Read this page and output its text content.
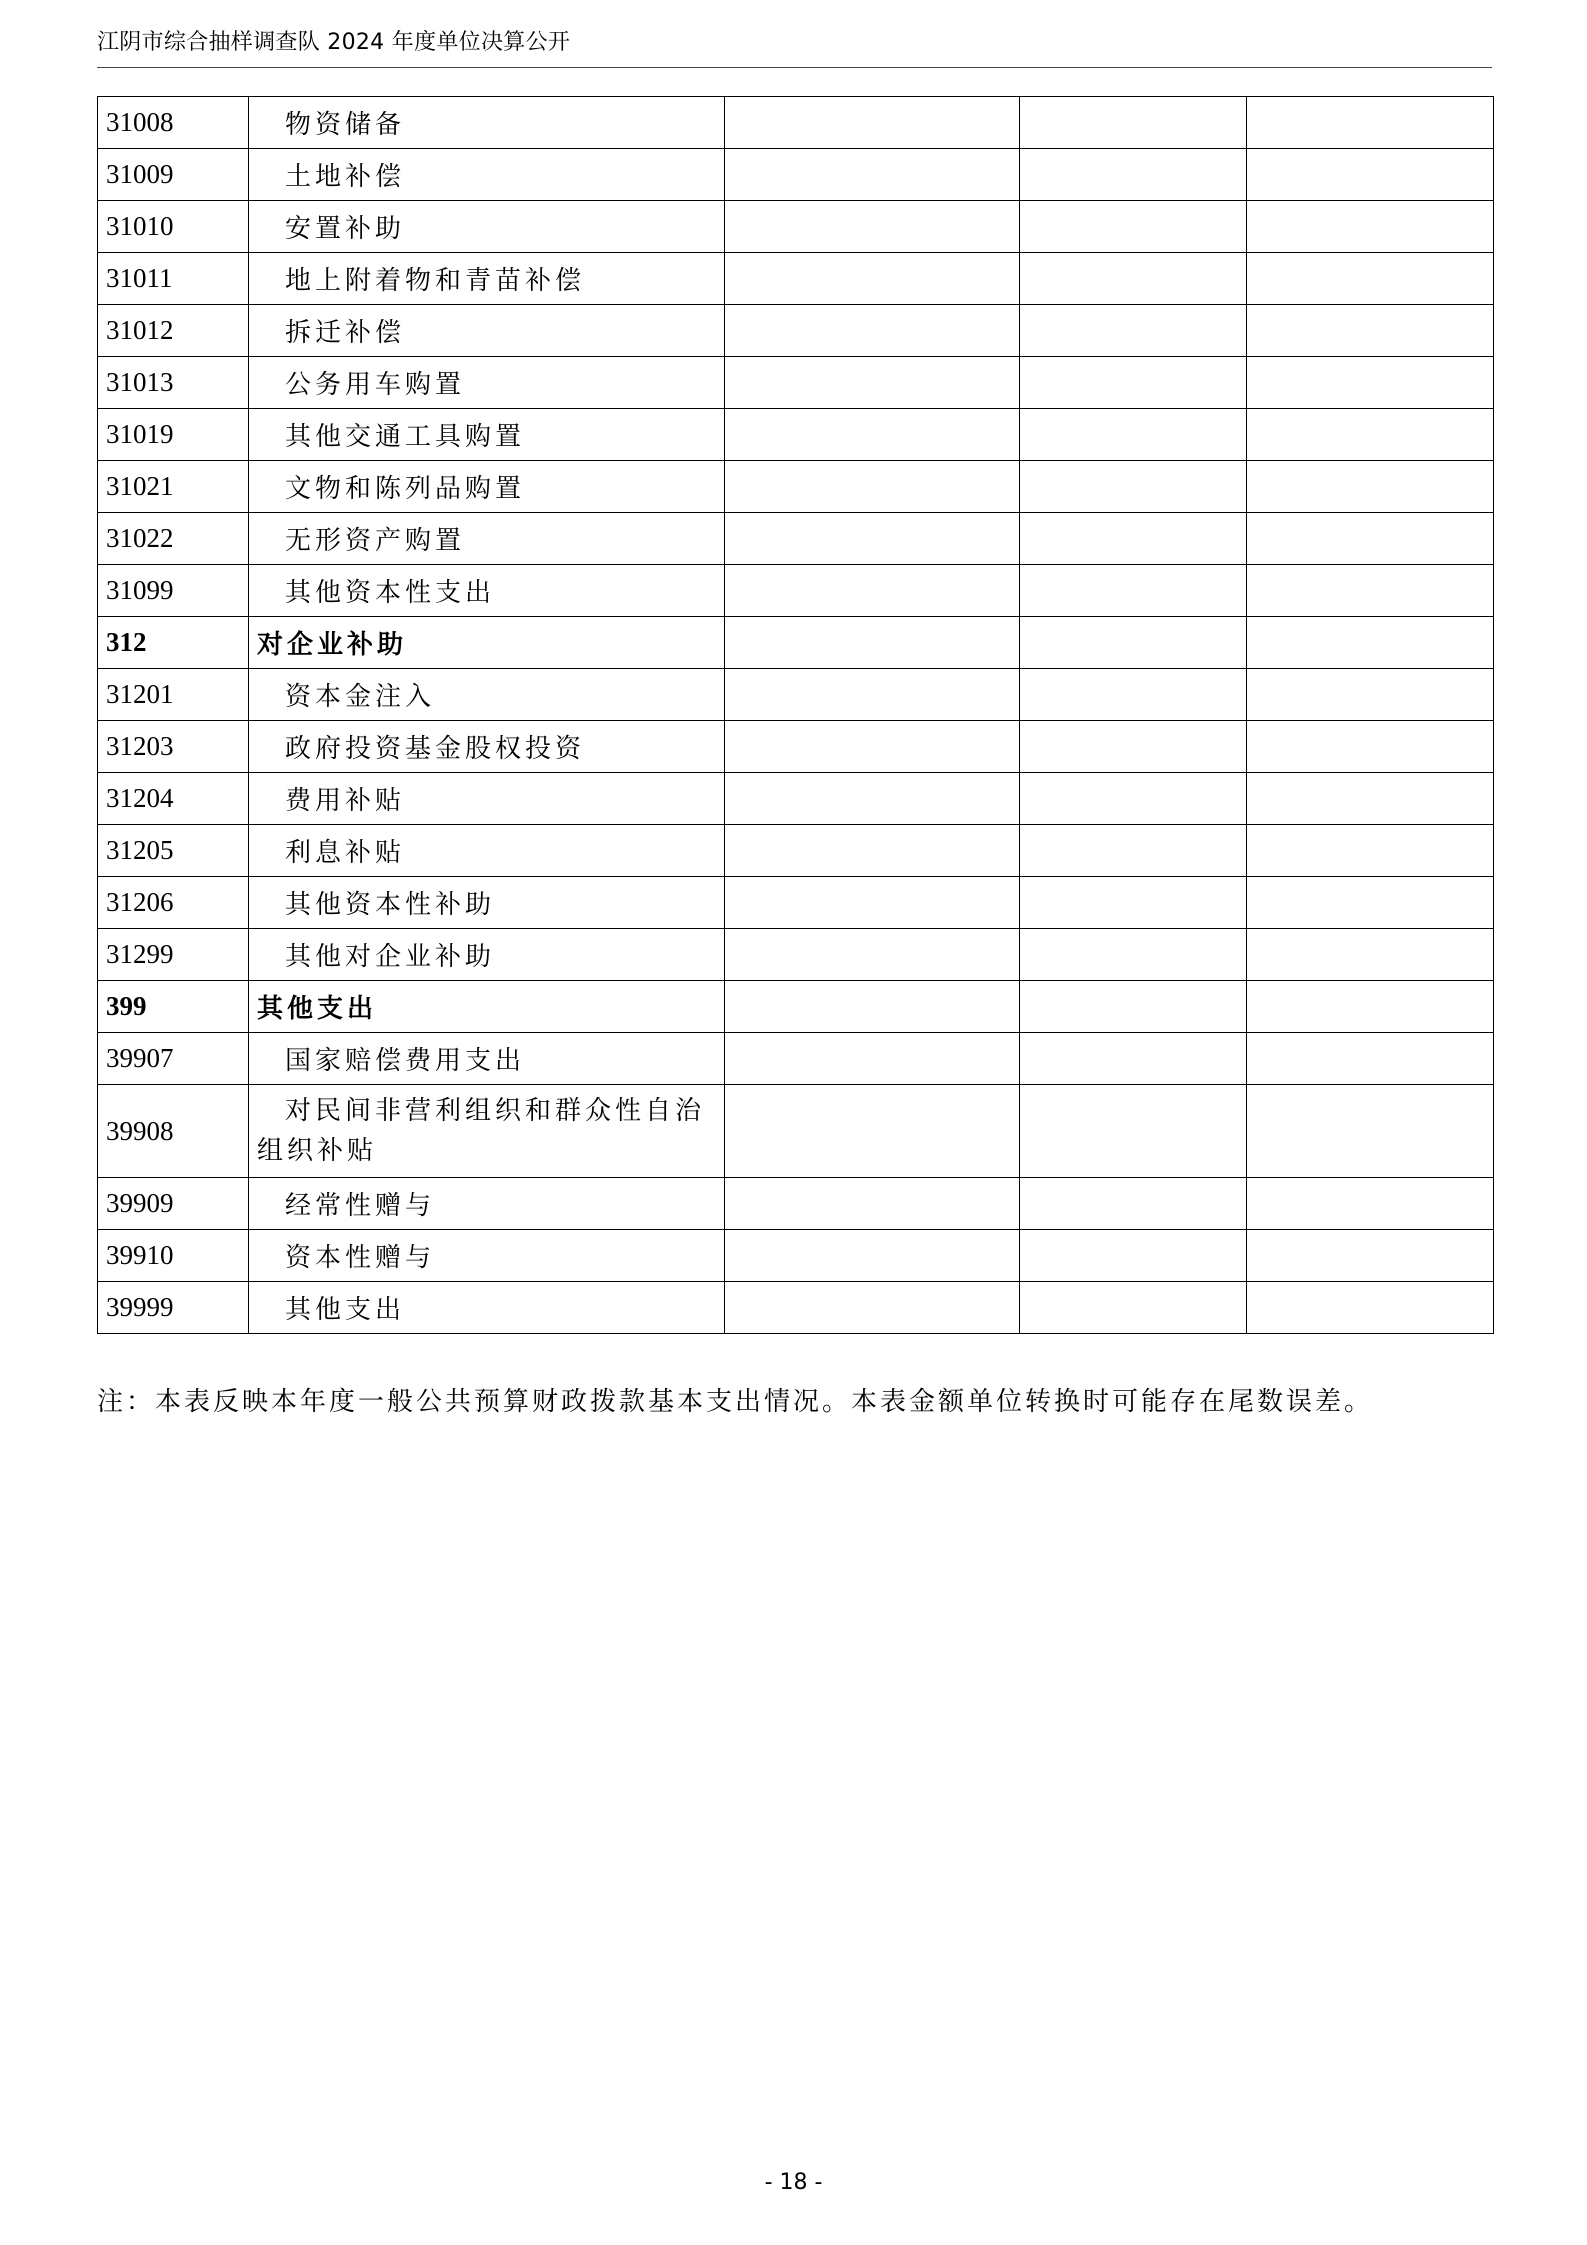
江阴市综合抽样调查队 2024 年度单位决算公开
31008	物资储备			
31009	土地补偿			
31010	安置补助			
31011	地上附着物和青苗补偿			
31012	拆迁补偿			
31013	公务用车购置			
31019	其他交通工具购置			
31021	文物和陈列品购置			
31022	无形资产购置			
31099	其他资本性支出			
312	对企业补助			
31201	资本金注入			
31203	政府投资基金股权投资			
31204	费用补贴			
31205	利息补贴			
31206	其他资本性补助			
31299	其他对企业补助			
399	其他支出			
39907	国家赔偿费用支出			
39908	对民间非营利组织和群众性自治组织补贴			
39909	经常性赠与			
39910	资本性赠与			
39999	其他支出			
注：本表反映本年度一般公共预算财政拨款基本支出情况。本表金额单位转换时可能存在尾数误差。
- 18 -
